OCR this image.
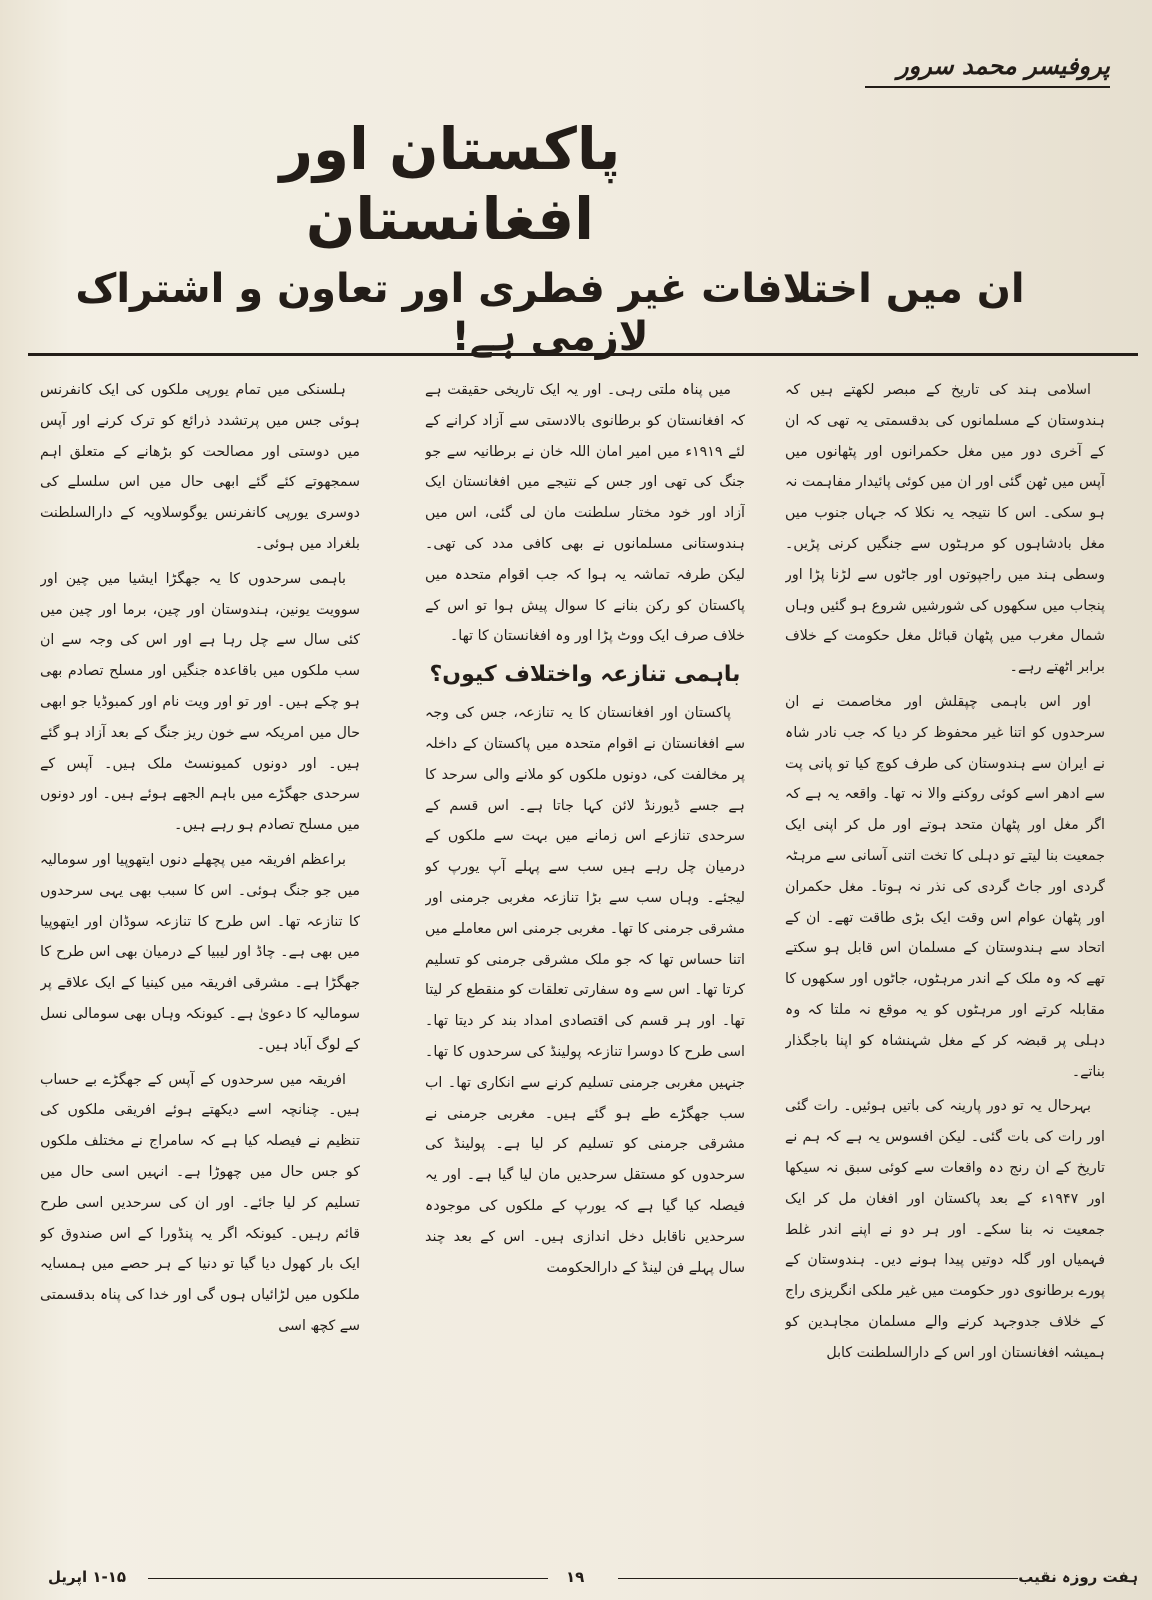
پروفیسر محمد سرور
پاکستان اور افغانستان
ان میں اختلافات غیر فطری اور تعاون و اشتراک لازمی ہے!

اسلامی ہند کی تاریخ کے مبصر لکھتے ہیں کہ ہندوستان کے مسلمانوں کی بدقسمتی یہ تھی کہ ان کے آخری دور میں مغل حکمرانوں اور پٹھانوں میں آپس میں ٹھن گئی اور ان میں کوئی پائیدار مفاہمت نہ ہو سکی۔ اس کا نتیجہ یہ نکلا کہ جہاں جنوب میں مغل بادشاہوں کو مرہٹوں سے جنگیں کرنی پڑیں۔ وسطی ہند میں راجپوتوں اور جاٹوں سے لڑنا پڑا اور پنجاب میں سکھوں کی شورشیں شروع ہو گئیں وہاں شمال مغرب میں پٹھان قبائل مغل حکومت کے خلاف برابر اٹھتے رہے۔

اور اس باہمی چپقلش اور مخاصمت نے ان سرحدوں کو اتنا غیر محفوظ کر دیا کہ جب نادر شاہ نے ایران سے ہندوستان کی طرف کوچ کیا تو پانی پت سے ادھر اسے کوئی روکنے والا نہ تھا۔ واقعہ یہ ہے کہ اگر مغل اور پٹھان متحد ہوتے اور مل کر اپنی ایک جمعیت بنا لیتے تو دہلی کا تخت اتنی آسانی سے مرہٹہ گردی اور جاٹ گردی کی نذر نہ ہوتا۔ مغل حکمران اور پٹھان عوام اس وقت ایک بڑی طاقت تھے۔ ان کے اتحاد سے ہندوستان کے مسلمان اس قابل ہو سکتے تھے کہ وہ ملک کے اندر مرہٹوں، جاٹوں اور سکھوں کا مقابلہ کرتے اور مرہٹوں کو یہ موقع نہ ملتا کہ وہ دہلی پر قبضہ کر کے مغل شہنشاہ کو اپنا باجگذار بناتے۔

بہرحال یہ تو دور پارینہ کی باتیں ہوئیں۔ رات گئی اور رات کی بات گئی۔ لیکن افسوس یہ ہے کہ ہم نے تاریخ کے ان رنج دہ واقعات سے کوئی سبق نہ سیکھا اور ۱۹۴۷ء کے بعد پاکستان اور افغان مل کر ایک جمعیت نہ بنا سکے۔ اور ہر دو نے اپنے اندر غلط فہمیاں اور گلہ دوتیں پیدا ہونے دیں۔ ہندوستان کے پورے برطانوی دور حکومت میں غیر ملکی انگریزی راج کے خلاف جدوجہد کرنے والے مسلمان مجاہدین کو ہمیشہ افغانستان اور اس کے دارالسلطنت کابل

میں پناہ ملتی رہی۔ اور یہ ایک تاریخی حقیقت ہے کہ افغانستان کو برطانوی بالادستی سے آزاد کرانے کے لئے ۱۹۱۹ء میں امیر امان اللہ خان نے برطانیہ سے جو جنگ کی تھی اور جس کے نتیجے میں افغانستان ایک آزاد اور خود مختار سلطنت مان لی گئی، اس میں ہندوستانی مسلمانوں نے بھی کافی مدد کی تھی۔ لیکن طرفہ تماشہ یہ ہوا کہ جب اقوام متحدہ میں پاکستان کو رکن بنانے کا سوال پیش ہوا تو اس کے خلاف صرف ایک ووٹ پڑا اور وہ افغانستان کا تھا۔

باہمی تنازعہ واختلاف کیوں؟

پاکستان اور افغانستان کا یہ تنازعہ، جس کی وجہ سے افغانستان نے اقوام متحدہ میں پاکستان کے داخلہ پر مخالفت کی، دونوں ملکوں کو ملانے والی سرحد کا ہے جسے ڈیورنڈ لائن کہا جاتا ہے۔ اس قسم کے سرحدی تنازعے اس زمانے میں بہت سے ملکوں کے درمیان چل رہے ہیں سب سے پہلے آپ یورپ کو لیجئے۔ وہاں سب سے بڑا تنازعہ مغربی جرمنی اور مشرقی جرمنی کا تھا۔ مغربی جرمنی اس معاملے میں اتنا حساس تھا کہ جو ملک مشرقی جرمنی کو تسلیم کرتا تھا۔ اس سے وہ سفارتی تعلقات کو منقطع کر لیتا تھا۔ اور ہر قسم کی اقتصادی امداد بند کر دیتا تھا۔ اسی طرح کا دوسرا تنازعہ پولینڈ کی سرحدوں کا تھا۔ جنہیں مغربی جرمنی تسلیم کرنے سے انکاری تھا۔ اب سب جھگڑے طے ہو گئے ہیں۔ مغربی جرمنی نے مشرقی جرمنی کو تسلیم کر لیا ہے۔ پولینڈ کی سرحدوں کو مستقل سرحدیں مان لیا گیا ہے۔ اور یہ فیصلہ کیا گیا ہے کہ یورپ کے ملکوں کی موجودہ سرحدیں ناقابل دخل اندازی ہیں۔ اس کے بعد چند سال پہلے فن لینڈ کے دارالحکومت

ہلسنکی میں تمام یورپی ملکوں کی ایک کانفرنس ہوئی جس میں پرتشدد ذرائع کو ترک کرنے اور آپس میں دوستی اور مصالحت کو بڑھانے کے متعلق اہم سمجھوتے کئے گئے ابھی حال میں اس سلسلے کی دوسری یورپی کانفرنس یوگوسلاویہ کے دارالسلطنت بلغراد میں ہوئی۔

باہمی سرحدوں کا یہ جھگڑا ایشیا میں چین اور سوویت یونین، ہندوستان اور چین، برما اور چین میں کئی سال سے چل رہا ہے اور اس کی وجہ سے ان سب ملکوں میں باقاعدہ جنگیں اور مسلح تصادم بھی ہو چکے ہیں۔ اور تو اور ویت نام اور کمبوڈیا جو ابھی حال میں امریکہ سے خون ریز جنگ کے بعد آزاد ہو گئے ہیں۔ اور دونوں کمیونسٹ ملک ہیں۔ آپس کے سرحدی جھگڑے میں باہم الجھے ہوئے ہیں۔ اور دونوں میں مسلح تصادم ہو رہے ہیں۔

براعظم افریقہ میں پچھلے دنوں ایتھوپیا اور سومالیہ میں جو جنگ ہوئی۔ اس کا سبب بھی یہی سرحدوں کا تنازعہ تھا۔ اس طرح کا تنازعہ سوڈان اور ایتھوپیا میں بھی ہے۔ چاڈ اور لیبیا کے درمیان بھی اس طرح کا جھگڑا ہے۔ مشرقی افریقہ میں کینیا کے ایک علاقے پر سومالیہ کا دعویٰ ہے۔ کیونکہ وہاں بھی سومالی نسل کے لوگ آباد ہیں۔

افریقہ میں سرحدوں کے آپس کے جھگڑے بے حساب ہیں۔ چنانچہ اسے دیکھتے ہوئے افریقی ملکوں کی تنظیم نے فیصلہ کیا ہے کہ سامراج نے مختلف ملکوں کو جس حال میں چھوڑا ہے۔ انہیں اسی حال میں تسلیم کر لیا جائے۔ اور ان کی سرحدیں اسی طرح قائم رہیں۔ کیونکہ اگر یہ پنڈورا کے اس صندوق کو ایک بار کھول دیا گیا تو دنیا کے ہر حصے میں ہمسایہ ملکوں میں لڑائیاں ہوں گی اور خدا کی پناہ بدقسمتی سے کچھ اسی

ہفت روزہ نقیب
۱۹
۱-۱۵ اپریل
